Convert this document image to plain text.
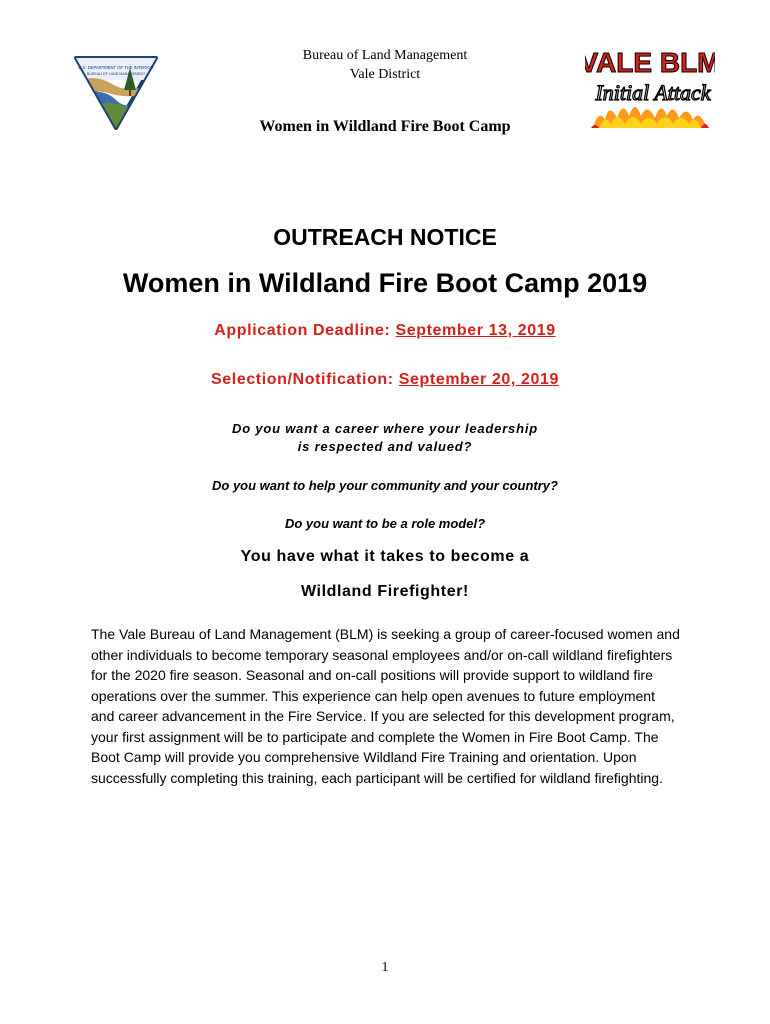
U.S. DEPARTMENT OF THE INTERIOR
BUREAU OF LAND MANAGEMENT	VALE BLM
Initial Attack
Bureau of Land Management
Vale District
Women in Wildland Fire Boot Camp
OUTREACH NOTICE
Women in Wildland Fire Boot Camp 2019
Application Deadline: September 13, 2019
Selection/Notification: September 20, 2019
Do you want a career where your leadership
is respected and valued?
Do you want to help your community and your country?
Do you want to be a role model?
You have what it takes to become a
Wildland Firefighter!

The Vale Bureau of Land Management (BLM) is seeking a group of career-focused women and other individuals to become temporary seasonal employees and/or on-call wildland firefighters for the 2020 fire season. Seasonal and on-call positions will provide support to wildland fire operations over the summer. This experience can help open avenues to future employment and career advancement in the Fire Service. If you are selected for this development program, your first assignment will be to participate and complete the Women in Fire Boot Camp. The Boot Camp will provide you comprehensive Wildland Fire Training and orientation. Upon successfully completing this training, each participant will be certified for wildland firefighting.

1
